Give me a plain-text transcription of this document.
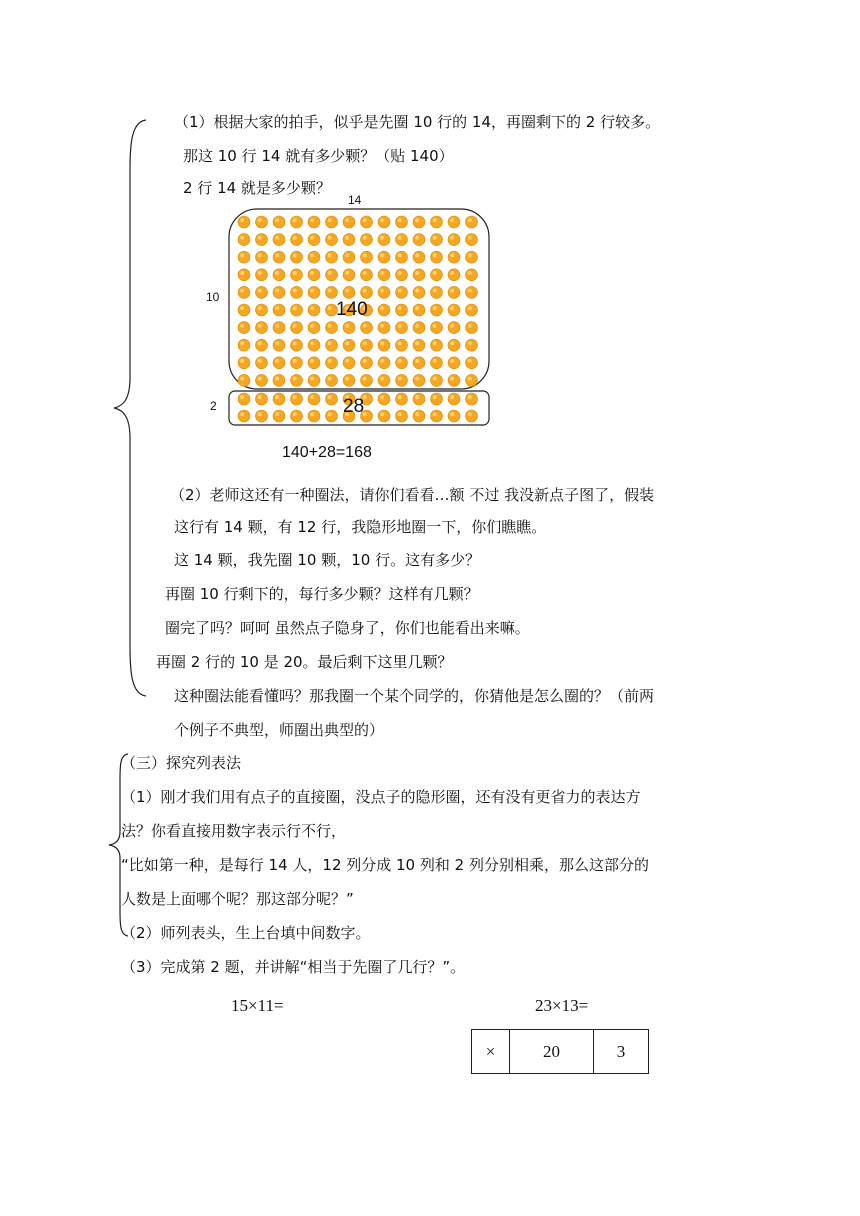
（1）根据大家的拍手，似乎是先圈 10 行的 14，再圈剩下的 2 行较多。
那这 10 行 14 就有多少颗？（贴 140）
2 行 14 就是多少颗？
14
10
2
140
28
140+28=168
（2）老师这还有一种圈法，请你们看看…额 不过 我没新点子图了，假装
这行有 14 颗，有 12 行，我隐形地圈一下，你们瞧瞧。
这 14 颗，我先圈 10 颗，10 行。这有多少？
再圈 10 行剩下的，每行多少颗？这样有几颗？
圈完了吗？呵呵 虽然点子隐身了，你们也能看出来嘛。
再圈 2 行的 10 是 20。最后剩下这里几颗？
这种圈法能看懂吗？那我圈一个某个同学的，你猜他是怎么圈的？（前两
个例子不典型，师圈出典型的）
（三）探究列表法
（1）刚才我们用有点子的直接圈，没点子的隐形圈，还有没有更省力的表达方
法？你看直接用数字表示行不行，
“比如第一种，是每行 14 人，12 列分成 10 列和 2 列分别相乘，那么这部分的
人数是上面哪个呢？那这部分呢？”
（2）师列表头，生上台填中间数字。
（3）完成第 2 题，并讲解“相当于先圈了几行？”。
15×11=	23×13=
×	20	3
